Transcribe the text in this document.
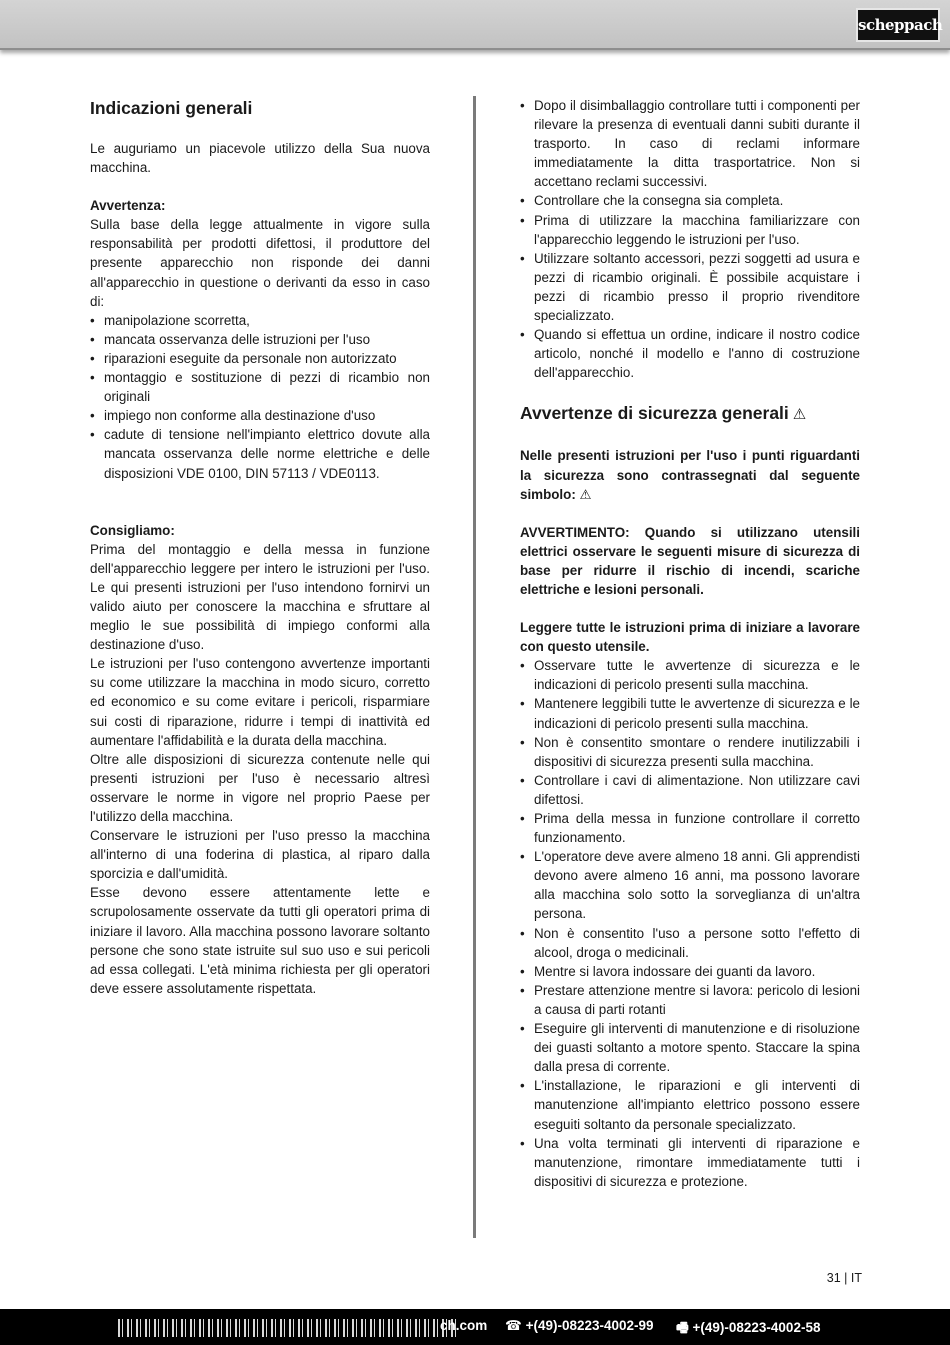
scheppach
Indicazioni generali

Le auguriamo un piacevole utilizzo della Sua nuova macchina.

Avvertenza:

Sulla base della legge attualmente in vigore sulla responsabilità per prodotti difettosi, il produttore del presente apparecchio non risponde dei danni all'apparecchio in questione o derivanti da esso in caso di:

• manipolazione scorretta,
• mancata osservanza delle istruzioni per l'uso
• riparazioni eseguite da personale non autorizzato
• montaggio e sostituzione di pezzi di ricambio non originali
• impiego non conforme alla destinazione d'uso
• cadute di tensione nell'impianto elettrico dovute alla mancata osservanza delle norme elettriche e delle disposizioni VDE 0100, DIN 57113 / VDE0113.

Consigliamo:

Prima del montaggio e della messa in funzione dell'apparecchio leggere per intero le istruzioni per l'uso. Le qui presenti istruzioni per l'uso intendono fornirvi un valido aiuto per conoscere la macchina e sfruttare al meglio le sue possibilità di impiego conformi alla destinazione d'uso.

Le istruzioni per l'uso contengono avvertenze importanti su come utilizzare la macchina in modo sicuro, corretto ed economico e su come evitare i pericoli, risparmiare sui costi di riparazione, ridurre i tempi di inattività ed aumentare l'affidabilità e la durata della macchina.

Oltre alle disposizioni di sicurezza contenute nelle qui presenti istruzioni per l'uso è necessario altresì osservare le norme in vigore nel proprio Paese per l'utilizzo della macchina.

Conservare le istruzioni per l'uso presso la macchina all'interno di una foderina di plastica, al riparo dalla sporcizia e dall'umidità.

Esse devono essere attentamente lette e scrupolosamente osservate da tutti gli operatori prima di iniziare il lavoro. Alla macchina possono lavorare soltanto persone che sono state istruite sul suo uso e sui pericoli ad essa collegati. L'età minima richiesta per gli operatori deve essere assolutamente rispettata.

• Dopo il disimballaggio controllare tutti i componenti per rilevare la presenza di eventuali danni subiti durante il trasporto. In caso di reclami informare immediatamente la ditta trasportatrice. Non si accettano reclami successivi.
• Controllare che la consegna sia completa.
• Prima di utilizzare la macchina familiarizzare con l'apparecchio leggendo le istruzioni per l'uso.
• Utilizzare soltanto accessori, pezzi soggetti ad usura e pezzi di ricambio originali. È possibile acquistare i pezzi di ricambio presso il proprio rivenditore specializzato.
• Quando si effettua un ordine, indicare il nostro codice articolo, nonché il modello e l'anno di costruzione dell'apparecchio.
Avvertenze di sicurezza generali ⚠

Nelle presenti istruzioni per l'uso i punti riguardanti la sicurezza sono contrassegnati dal seguente simbolo: ⚠

AVVERTIMENTO: Quando si utilizzano utensili elettrici osservare le seguenti misure di sicurezza di base per ridurre il rischio di incendi, scariche elettriche e lesioni personali.

Leggere tutte le istruzioni prima di iniziare a lavorare con questo utensile.

• Osservare tutte le avvertenze di sicurezza e le indicazioni di pericolo presenti sulla macchina.
• Mantenere leggibili tutte le avvertenze di sicurezza e le indicazioni di pericolo presenti sulla macchina.
• Non è consentito smontare o rendere inutilizzabili i dispositivi di sicurezza presenti sulla macchina.
• Controllare i cavi di alimentazione. Non utilizzare cavi difettosi.
• Prima della messa in funzione controllare il corretto funzionamento.
• L'operatore deve avere almeno 18 anni. Gli apprendisti devono avere almeno 16 anni, ma possono lavorare alla macchina solo sotto la sorveglianza di un'altra persona.
• Non è consentito l'uso a persone sotto l'effetto di alcool, droga o medicinali.
• Mentre si lavora indossare dei guanti da lavoro.
• Prestare attenzione mentre si lavora: pericolo di lesioni a causa di parti rotanti
• Eseguire gli interventi di manutenzione e di risoluzione dei guasti soltanto a motore spento. Staccare la spina dalla presa di corrente.
• L'installazione, le riparazioni e gli interventi di manutenzione all'impianto elettrico possono essere eseguiti soltanto da personale specializzato.
• Una volta terminati gli interventi di riparazione e manutenzione, rimontare immediatamente tutti i dispositivi di sicurezza e protezione.
31 | IT
ch.com ☎ +(49)-08223-4002-99 🖷 +(49)-08223-4002-58
